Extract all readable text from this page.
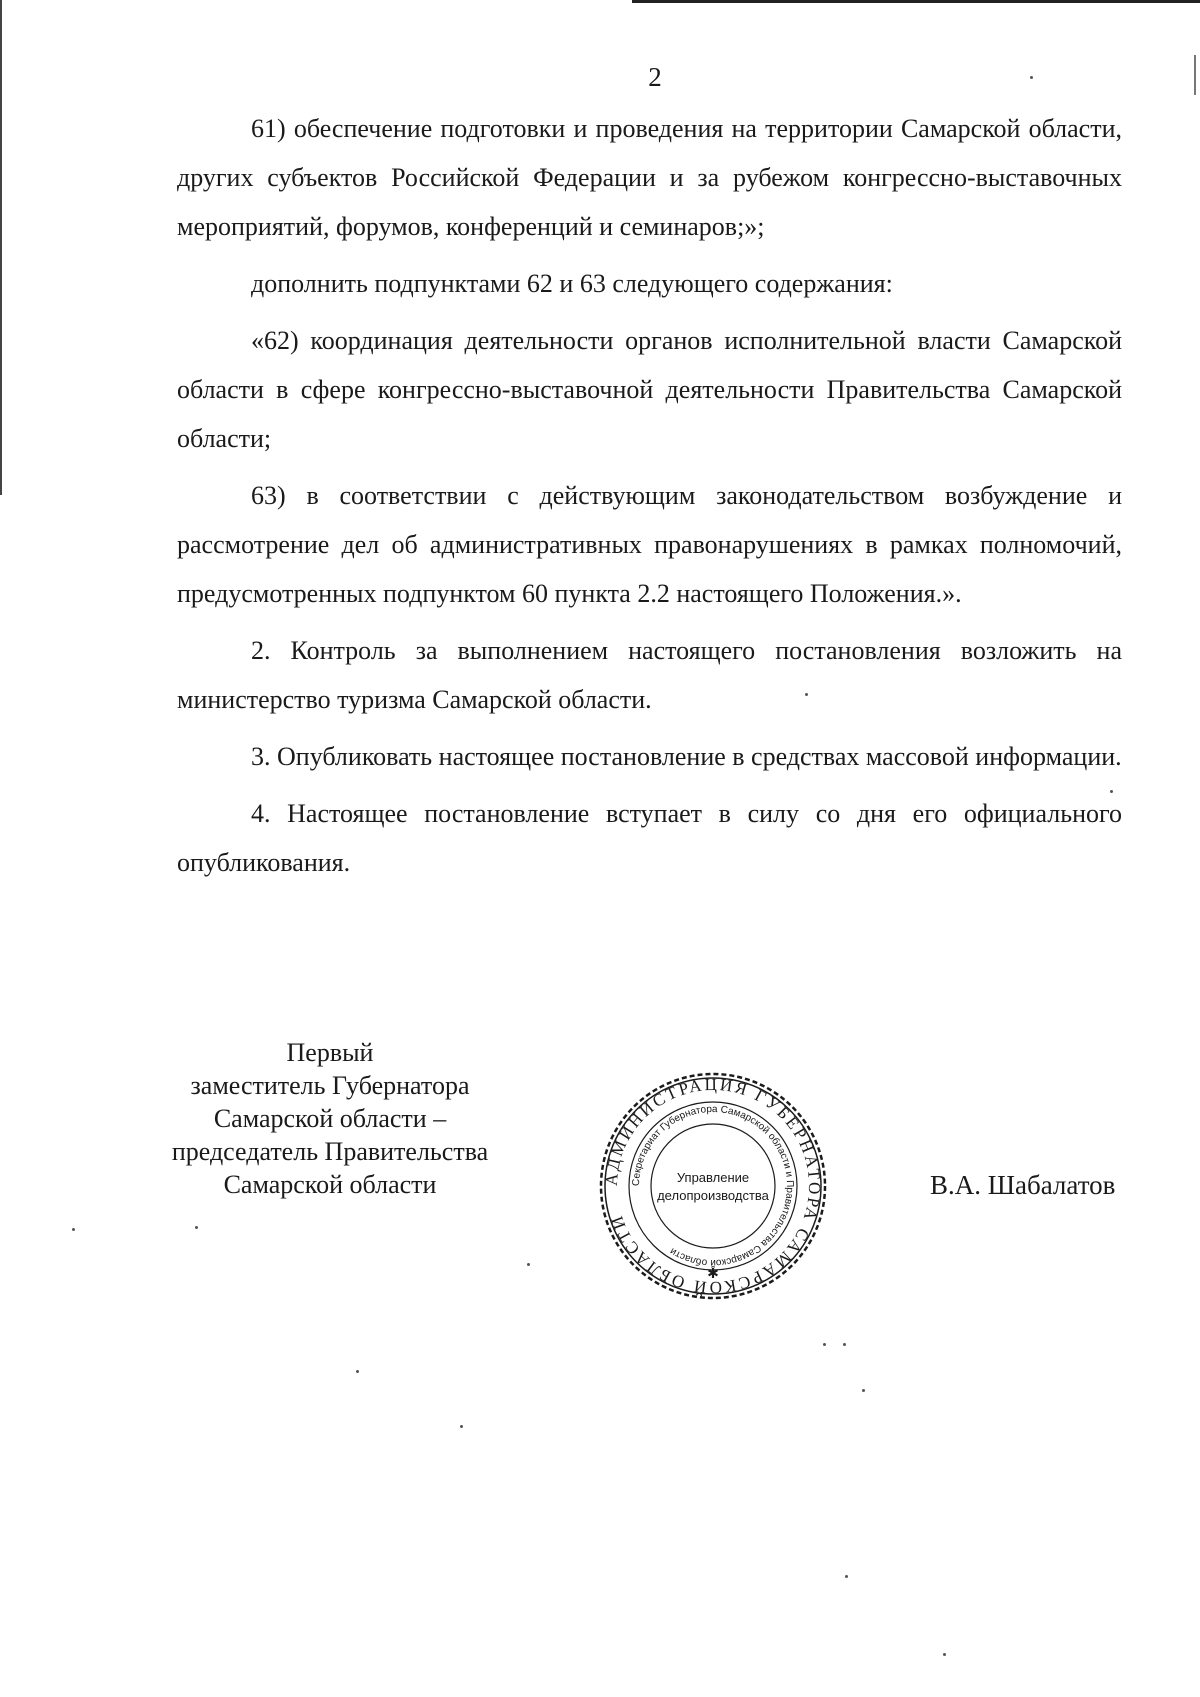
2

61) обеспечение подготовки и проведения на территории Самарской области, других субъектов Российской Федерации и за рубежом конгрессно-выставочных мероприятий, форумов, конференций и семинаров;»;

дополнить подпунктами 62 и 63 следующего содержания:

«62) координация деятельности органов исполнительной власти Самарской области в сфере конгрессно-выставочной деятельности Правительства Самарской области;

63) в соответствии с действующим законодательством возбуждение и рассмотрение дел об административных правонарушениях в рамках полномочий, предусмотренных подпунктом 60 пункта 2.2 настоящего Положения.».

2. Контроль за выполнением настоящего постановления возложить на министерство туризма Самарской области.

3. Опубликовать настоящее постановление в средствах массовой информации.

4. Настоящее постановление вступает в силу со дня его официального опубликования.

Первый
заместитель Губернатора
Самарской области –
председатель Правительства
Самарской области	АДМИНИСТРАЦИЯ ГУБЕРНАТОРА САМАРСКОЙ ОБЛАСТИ
Секретариат Губернатора Самарской области и Правительства Самарской области
Управление
делопроизводства
✱
В.А. Шабалатов
